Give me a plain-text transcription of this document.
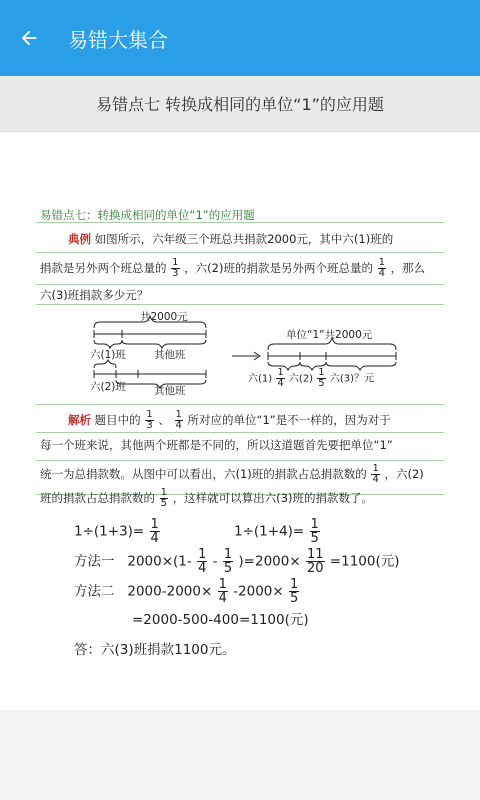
易错大集合
易错点七 转换成相同的单位“1”的应用题
易错点七：转换成相同的单位“1”的应用题
典例 如图所示，六年级三个班总共捐款2000元，其中六(1)班的
捐款是另外两个班总量的 $\frac{1}{3}$ ，六(2)班的捐款是另外两个班总量的 $\frac{1}{4}$ ，那么
六(3)班捐款多少元？
共2000元
六(1)班	其他班
六(2)班	其他班
单位“1”共2000元
六$(1) \frac{1}{4}$ 六$(2) \frac{1}{5}$ 六(3)？元
解析 题目中的 $\frac{1}{3}$ 、 $\frac{1}{4}$ 所对应的单位“1”是不一样的，因为对于
每一个班来说，其他两个班都是不同的，所以这道题首先要把单位“1”
统一为总捐款数。从图中可以看出，六(1)班的捐款占总捐款数的 $\frac{1}{4}$ ，六(2)
班的捐款占总捐款数的 $\frac{1}{5}$ ，这样就可以算出六(3)班的捐款数了。
$1\div(1+3)= \frac{1}{4}$	$1\div(1+4)= \frac{1}{5}$
方法一 $2000\times(1- \frac{1}{4} - \frac{1}{5} )=2000\times \frac{11}{20} =1100$(元)
方法二 $2000-2000\times \frac{1}{4} -2000\times \frac{1}{5}$
=2000-500-400=1100(元)
答：六(3)班捐款1100元。
